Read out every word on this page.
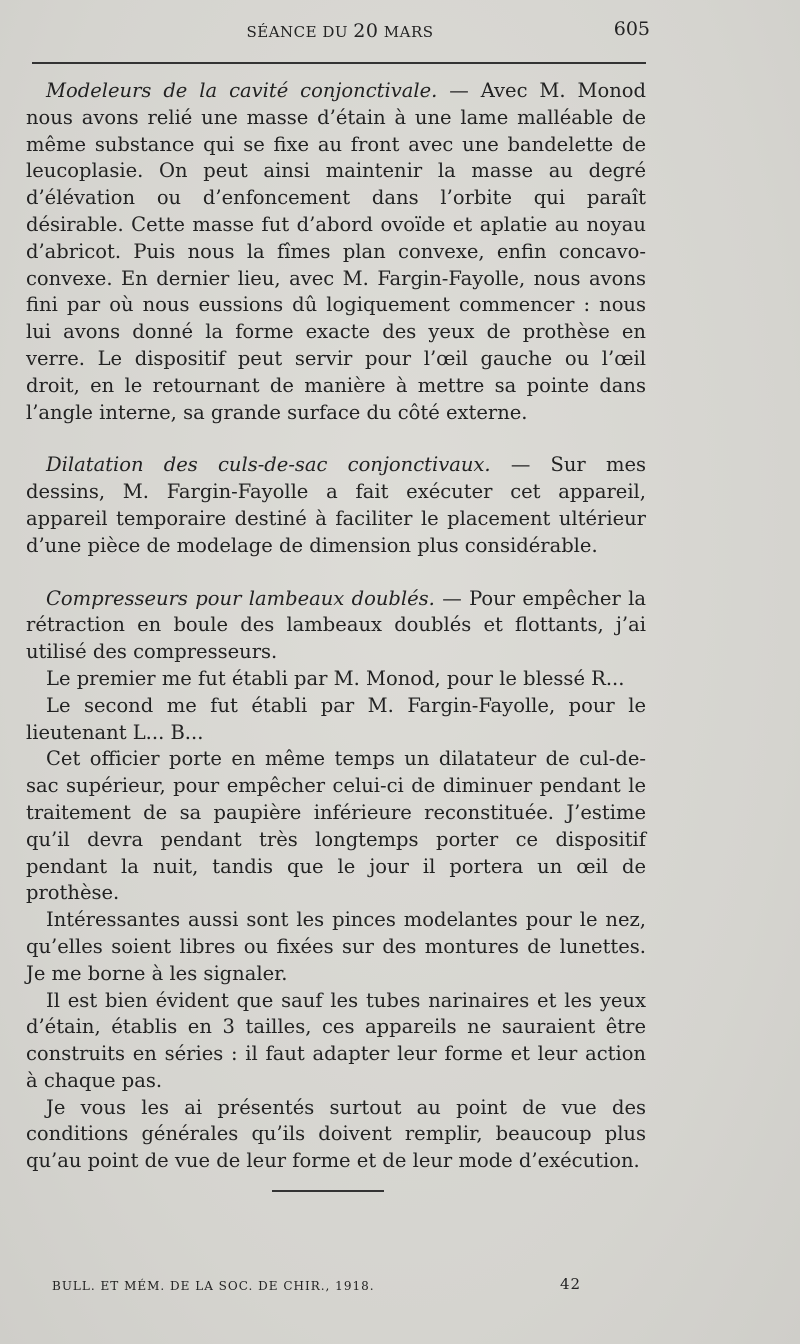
SÉANCE DU 20 MARS	605

Modeleurs de la cavité conjonctivale. — Avec M. Monod nous avons relié une masse d’étain à une lame malléable de même substance qui se fixe au front avec une bandelette de leucoplasie. On peut ainsi maintenir la masse au degré d’élévation ou d’enfoncement dans l’orbite qui paraît désirable. Cette masse fut d’abord ovoïde et aplatie au noyau d’abricot. Puis nous la fîmes plan convexe, enfin concavo-convexe. En dernier lieu, avec M. Fargin-Fayolle, nous avons fini par où nous eussions dû logiquement commencer : nous lui avons donné la forme exacte des yeux de prothèse en verre. Le dispositif peut servir pour l’œil gauche ou l’œil droit, en le retournant de manière à mettre sa pointe dans l’angle interne, sa grande surface du côté externe.

Dilatation des culs-de-sac conjonctivaux. — Sur mes dessins, M. Fargin-Fayolle a fait exécuter cet appareil, appareil temporaire destiné à faciliter le placement ultérieur d’une pièce de modelage de dimension plus considérable.

Compresseurs pour lambeaux doublés. — Pour empêcher la rétraction en boule des lambeaux doublés et flottants, j’ai utilisé des compresseurs.

Le premier me fut établi par M. Monod, pour le blessé R...

Le second me fut établi par M. Fargin-Fayolle, pour le lieutenant L... B...

Cet officier porte en même temps un dilatateur de cul-de-sac supérieur, pour empêcher celui-ci de diminuer pendant le traitement de sa paupière inférieure reconstituée. J’estime qu’il devra pendant très longtemps porter ce dispositif pendant la nuit, tandis que le jour il portera un œil de prothèse.

Intéressantes aussi sont les pinces modelantes pour le nez, qu’elles soient libres ou fixées sur des montures de lunettes. Je me borne à les signaler.

Il est bien évident que sauf les tubes narinaires et les yeux d’étain, établis en 3 tailles, ces appareils ne sauraient être construits en séries : il faut adapter leur forme et leur action à chaque pas.

Je vous les ai présentés surtout au point de vue des conditions générales qu’ils doivent remplir, beaucoup plus qu’au point de vue de leur forme et de leur mode d’exécution.

BULL. ET MÉM. DE LA SOC. DE CHIR., 1918.	42
